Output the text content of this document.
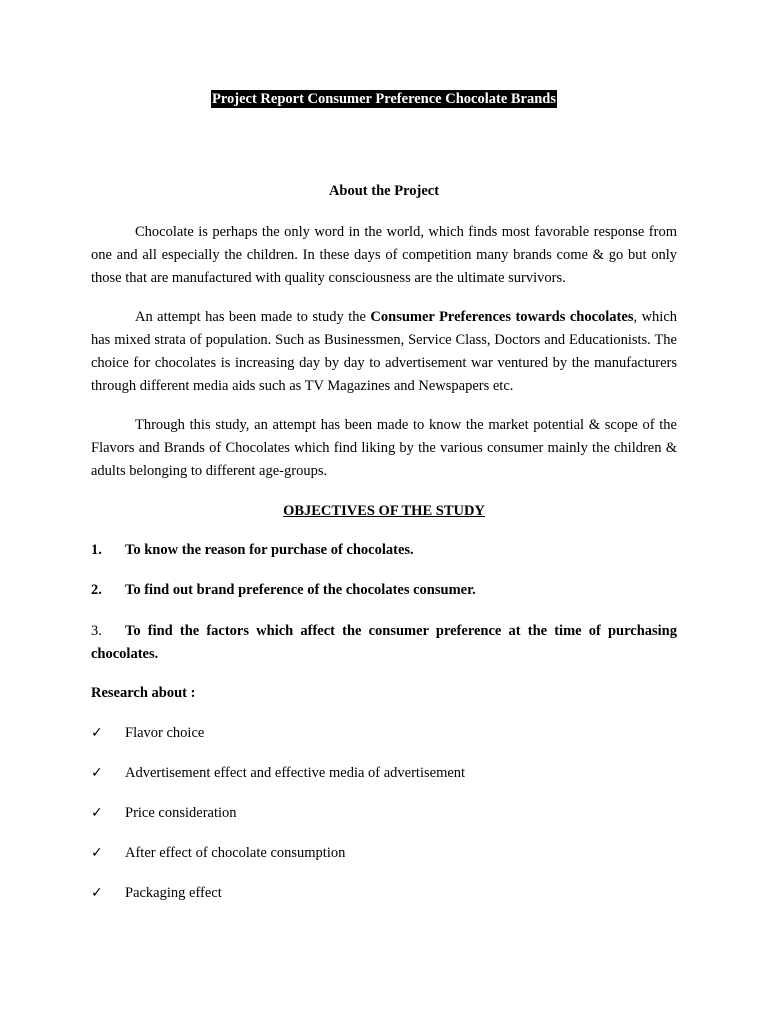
Project Report Consumer Preference Chocolate Brands
About the Project

Chocolate is perhaps the only word in the world, which finds most favorable response from one and all especially the children. In these days of competition many brands come & go but only those that are manufactured with quality consciousness are the ultimate survivors.

An attempt has been made to study the Consumer Preferences towards chocolates, which has mixed strata of population. Such as Businessmen, Service Class, Doctors and Educationists. The choice for chocolates is increasing day by day to advertisement war ventured by the manufacturers through different media aids such as TV Magazines and Newspapers etc.

Through this study, an attempt has been made to know the market potential & scope of the Flavors and Brands of Chocolates which find liking by the various consumer mainly the children & adults belonging to different age-groups.

OBJECTIVES OF THE STUDY
1. To know the reason for purchase of chocolates.
2. To find out brand preference of the chocolates consumer.

3. To find the factors which affect the consumer preference at the time of purchasing chocolates.

Research about :
✓ Flavor choice
✓ Advertisement effect and effective media of advertisement
✓ Price consideration
✓ After effect of chocolate consumption
✓ Packaging effect
